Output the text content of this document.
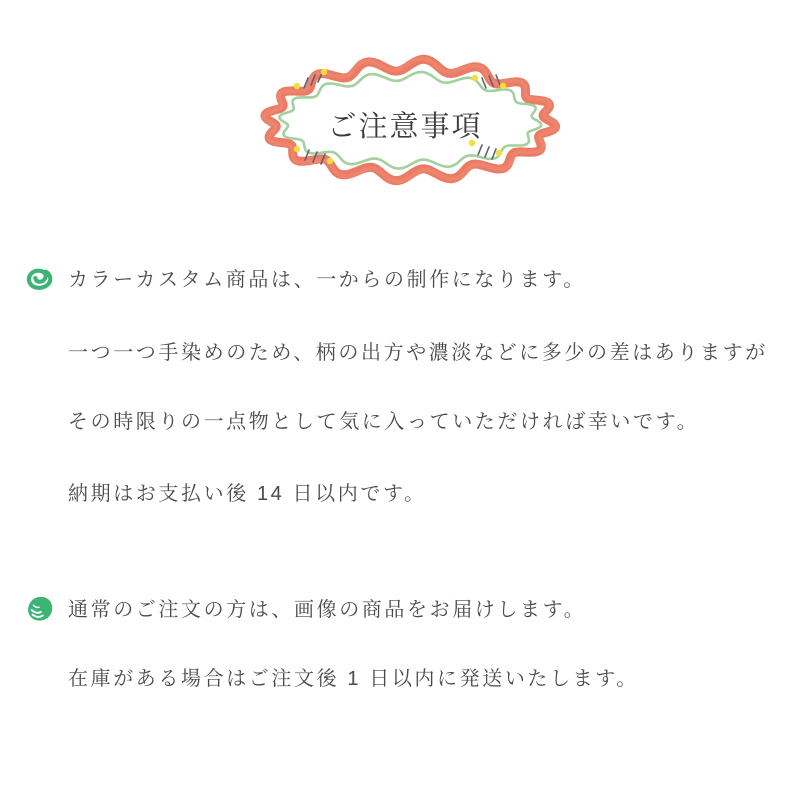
ご注意事項
カラーカスタム商品は、一からの制作になります。
一つ一つ手染めのため、柄の出方や濃淡などに多少の差はありますが
その時限りの一点物として気に入っていただければ幸いです。
納期はお支払い後 14 日以内です。
通常のご注文の方は、画像の商品をお届けします。
在庫がある場合はご注文後 1 日以内に発送いたします。
